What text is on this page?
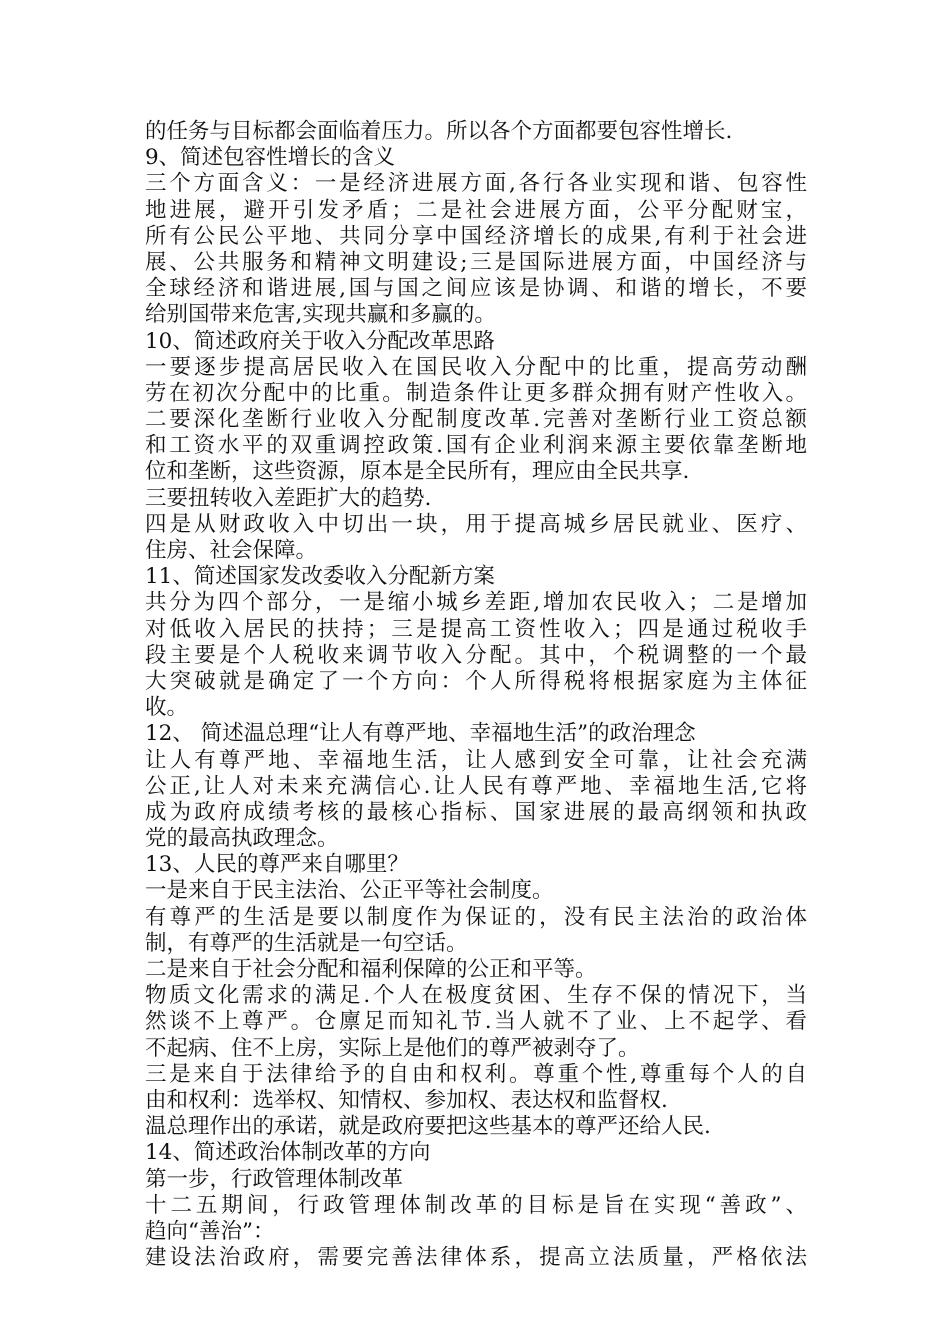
的任务与目标都会面临着压力。所以各个方面都要包容性增长.
9、简述包容性增长的含义
三个方面含义：一是经济进展方面,各行各业实现和谐、包容性
地进展，避开引发矛盾；二是社会进展方面，公平分配财宝，
所有公民公平地、共同分享中国经济增长的成果,有利于社会进
展、公共服务和精神文明建设;三是国际进展方面，中国经济与
全球经济和谐进展,国与国之间应该是协调、和谐的增长，不要
给别国带来危害,实现共赢和多赢的。
10、简述政府关于收入分配改革思路
一要逐步提高居民收入在国民收入分配中的比重，提高劳动酬
劳在初次分配中的比重。制造条件让更多群众拥有财产性收入。
二要深化垄断行业收入分配制度改革.完善对垄断行业工资总额
和工资水平的双重调控政策.国有企业利润来源主要依靠垄断地
位和垄断，这些资源，原本是全民所有，理应由全民共享.
三要扭转收入差距扩大的趋势.
四是从财政收入中切出一块，用于提高城乡居民就业、医疗、
住房、社会保障。
11、简述国家发改委收入分配新方案
共分为四个部分，一是缩小城乡差距,增加农民收入；二是增加
对低收入居民的扶持；三是提高工资性收入；四是通过税收手
段主要是个人税收来调节收入分配。其中，个税调整的一个最
大突破就是确定了一个方向：个人所得税将根据家庭为主体征
收。
12、 简述温总理“让人有尊严地、幸福地生活”的政治理念
让人有尊严地、幸福地生活，让人感到安全可靠，让社会充满
公正,让人对未来充满信心.让人民有尊严地、幸福地生活,它将
成为政府成绩考核的最核心指标、国家进展的最高纲领和执政
党的最高执政理念。
13、人民的尊严来自哪里？
一是来自于民主法治、公正平等社会制度。
有尊严的生活是要以制度作为保证的，没有民主法治的政治体
制，有尊严的生活就是一句空话。
二是来自于社会分配和福利保障的公正和平等。
物质文化需求的满足.个人在极度贫困、生存不保的情况下，当
然谈不上尊严。仓廪足而知礼节.当人就不了业、上不起学、看
不起病、住不上房，实际上是他们的尊严被剥夺了。
三是来自于法律给予的自由和权利。尊重个性,尊重每个人的自
由和权利：选举权、知情权、参加权、表达权和监督权.
温总理作出的承诺，就是政府要把这些基本的尊严还给人民.
14、简述政治体制改革的方向
第一步，行政管理体制改革
十二五期间，行政管理体制改革的目标是旨在实现“善政”、
趋向“善治”：
建设法治政府，需要完善法律体系，提高立法质量，严格依法
